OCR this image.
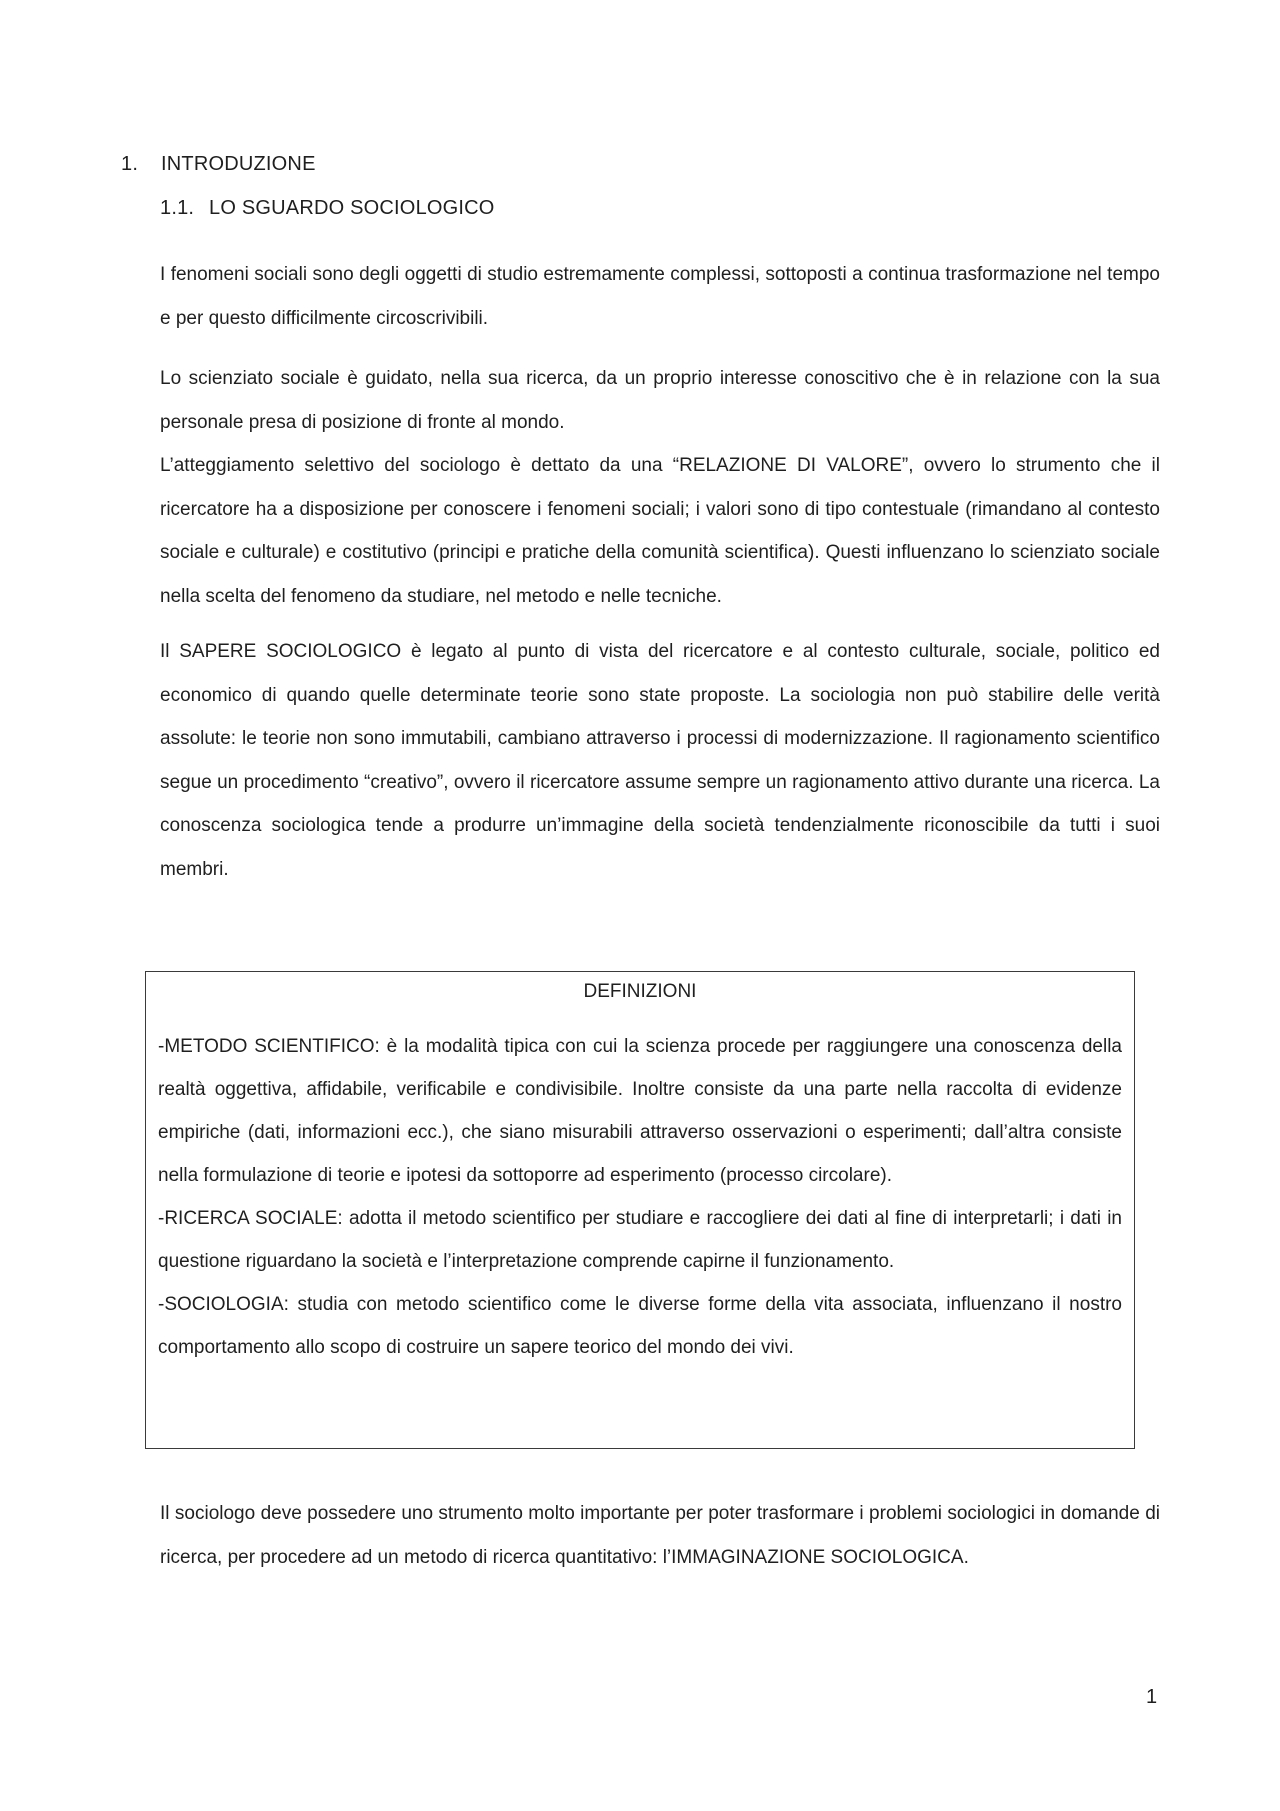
1. INTRODUZIONE
1.1. LO SGUARDO SOCIOLOGICO

I fenomeni sociali sono degli oggetti di studio estremamente complessi, sottoposti a continua trasformazione nel tempo e per questo difficilmente circoscrivibili.

Lo scienziato sociale è guidato, nella sua ricerca, da un proprio interesse conoscitivo che è in relazione con la sua personale presa di posizione di fronte al mondo.

L’atteggiamento selettivo del sociologo è dettato da una “RELAZIONE DI VALORE”, ovvero lo strumento che il ricercatore ha a disposizione per conoscere i fenomeni sociali; i valori sono di tipo contestuale (rimandano al contesto sociale e culturale) e costitutivo (principi e pratiche della comunità scientifica). Questi influenzano lo scienziato sociale nella scelta del fenomeno da studiare, nel metodo e nelle tecniche.

Il SAPERE SOCIOLOGICO è legato al punto di vista del ricercatore e al contesto culturale, sociale, politico ed economico di quando quelle determinate teorie sono state proposte. La sociologia non può stabilire delle verità assolute: le teorie non sono immutabili, cambiano attraverso i processi di modernizzazione. Il ragionamento scientifico segue un procedimento “creativo”, ovvero il ricercatore assume sempre un ragionamento attivo durante una ricerca. La conoscenza sociologica tende a produrre un’immagine della società tendenzialmente riconoscibile da tutti i suoi membri.

DEFINIZIONI
-METODO SCIENTIFICO: è la modalità tipica con cui la scienza procede per raggiungere una conoscenza della realtà oggettiva, affidabile, verificabile e condivisibile. Inoltre consiste da una parte nella raccolta di evidenze empiriche (dati, informazioni ecc.), che siano misurabili attraverso osservazioni o esperimenti; dall’altra consiste nella formulazione di teorie e ipotesi da sottoporre ad esperimento (processo circolare).
-RICERCA SOCIALE: adotta il metodo scientifico per studiare e raccogliere dei dati al fine di interpretarli; i dati in questione riguardano la società e l’interpretazione comprende capirne il funzionamento.
-SOCIOLOGIA: studia con metodo scientifico come le diverse forme della vita associata, influenzano il nostro comportamento allo scopo di costruire un sapere teorico del mondo dei vivi.

Il sociologo deve possedere uno strumento molto importante per poter trasformare i problemi sociologici in domande di ricerca, per procedere ad un metodo di ricerca quantitativo: l’IMMAGINAZIONE SOCIOLOGICA.

1
